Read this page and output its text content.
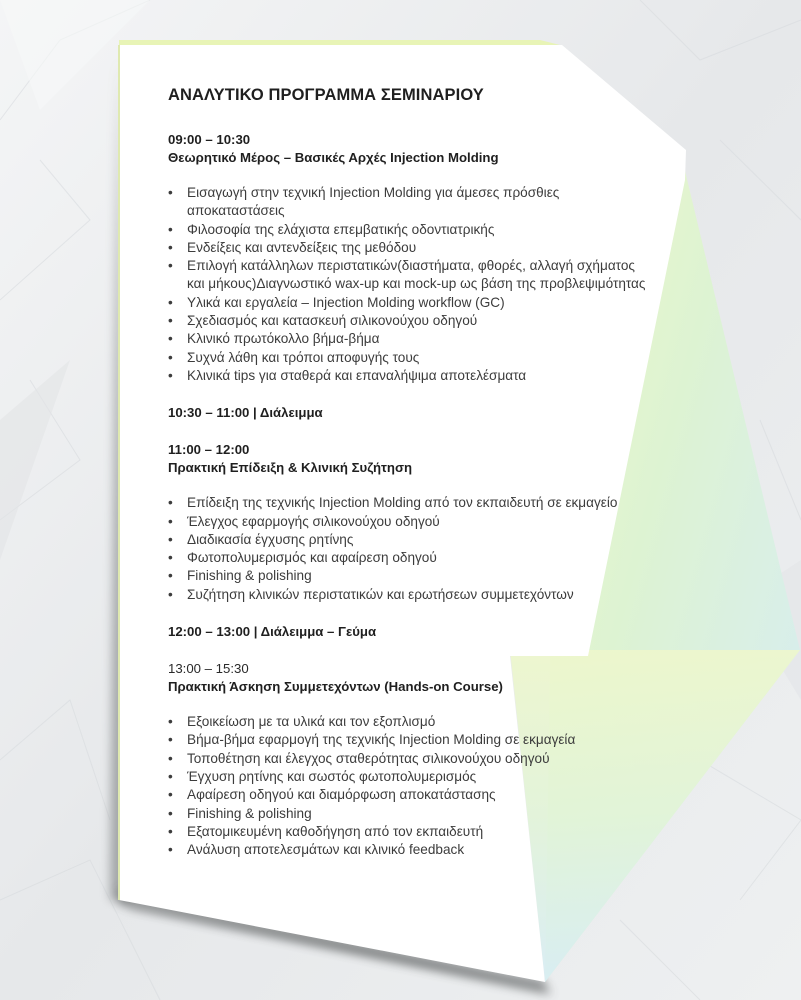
ΑΝΑΛΥΤΙΚΟ ΠΡΟΓΡΑΜΜΑ ΣΕΜΙΝΑΡΙΟΥ
09:00 – 10:30
Θεωρητικό Μέρος – Βασικές Αρχές Injection Molding
• Εισαγωγή στην τεχνική Injection Molding για άμεσες πρόσθιες αποκαταστάσεις
• Φιλοσοφία της ελάχιστα επεμβατικής οδοντιατρικής
• Ενδείξεις και αντενδείξεις της μεθόδου
• Επιλογή κατάλληλων περιστατικών(διαστήματα, φθορές, αλλαγή σχήματος και μήκους)Διαγνωστικό wax-up και mock-up ως βάση της προβλεψιμότητας
• Υλικά και εργαλεία – Injection Molding workflow (GC)
• Σχεδιασμός και κατασκευή σιλικονούχου οδηγού
• Κλινικό πρωτόκολλο βήμα-βήμα
• Συχνά λάθη και τρόποι αποφυγής τους
• Κλινικά tips για σταθερά και επαναλήψιμα αποτελέσματα
10:30 – 11:00 | Διάλειμμα
11:00 – 12:00
Πρακτική Επίδειξη & Κλινική Συζήτηση
• Επίδειξη της τεχνικής Injection Molding από τον εκπαιδευτή σε εκμαγείο
• Έλεγχος εφαρμογής σιλικονούχου οδηγού
• Διαδικασία έγχυσης ρητίνης
• Φωτοπολυμερισμός και αφαίρεση οδηγού
• Finishing & polishing
• Συζήτηση κλινικών περιστατικών και ερωτήσεων συμμετεχόντων
12:00 – 13:00 | Διάλειμμα – Γεύμα
13:00 – 15:30
Πρακτική Άσκηση Συμμετεχόντων (Hands-on Course)
• Εξοικείωση με τα υλικά και τον εξοπλισμό
• Βήμα-βήμα εφαρμογή της τεχνικής Injection Molding σε εκμαγεία
• Τοποθέτηση και έλεγχος σταθερότητας σιλικονούχου οδηγού
• Έγχυση ρητίνης και σωστός φωτοπολυμερισμός
• Αφαίρεση οδηγού και διαμόρφωση αποκατάστασης
• Finishing & polishing
• Εξατομικευμένη καθοδήγηση από τον εκπαιδευτή
• Ανάλυση αποτελεσμάτων και κλινικό feedback
